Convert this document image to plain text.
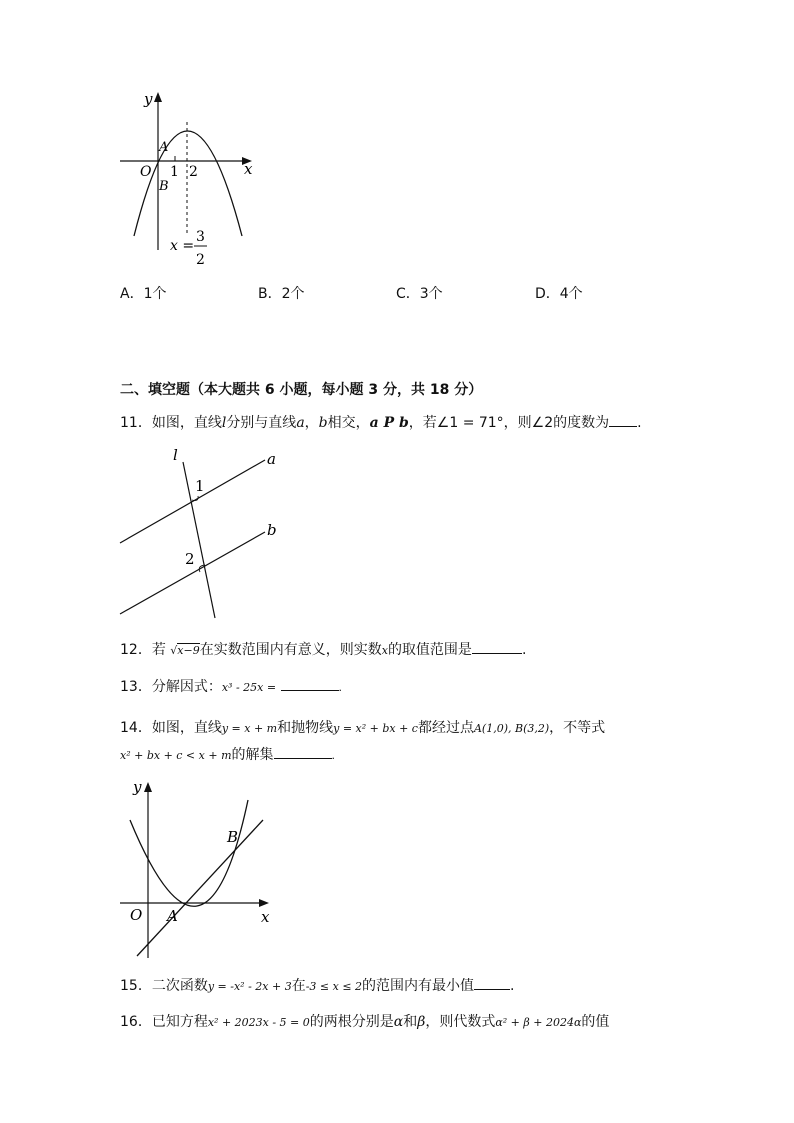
y
x
O
A
B
1 2
x =
3
2
A．1个	B．2个	C．3个	D．4个
二、填空题（本大题共 6 小题，每小题 3 分，共 18 分）
11．如图，直线l分别与直线a，b相交，a P b，若∠1 = 71°，则∠2的度数为 .
l	a
b
1
2
12．若 √x−9在实数范围内有意义，则实数x的取值范围是	.
13．分解因式：x³ - 25x =	.
14．如图，直线y = x + m和抛物线y = x² + bx + c都经过点A(1,0), B(3,2)，不等式
x² + bx + c < x + m的解集	.
y
x
O A
B
15．二次函数y = -x² - 2x + 3在-3 ≤ x ≤ 2的范围内有最小值	.
16．已知方程x² + 2023x - 5 = 0的两根分别是α和β，则代数式α² + β + 2024α的值
